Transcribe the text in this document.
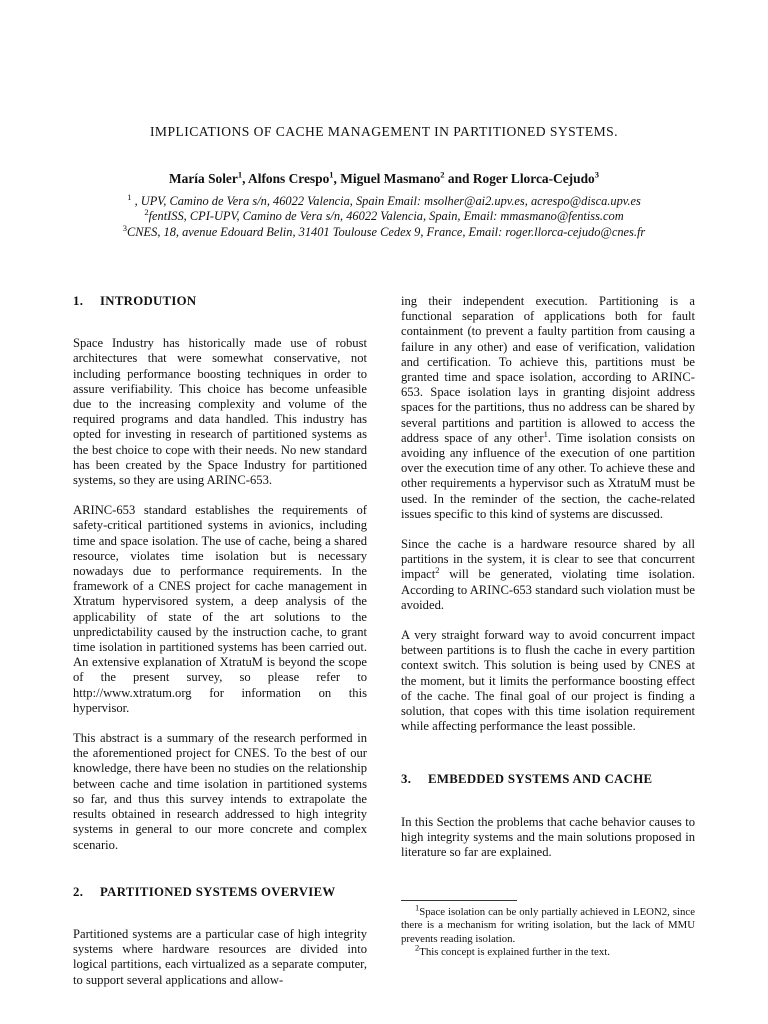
IMPLICATIONS OF CACHE MANAGEMENT IN PARTITIONED SYSTEMS.
María Soler$^1$, Alfons Crespo$^1$, Miguel Masmano$^2$ and Roger Llorca-Cejudo$^3$
$^1$ , UPV, Camino de Vera s/n, 46022 Valencia, Spain Email: msolher@ai2.upv.es, acrespo@disca.upv.es
$^2$fentISS, CPI-UPV, Camino de Vera s/n, 46022 Valencia, Spain, Email: mmasmano@fentiss.com
$^3$CNES, 18, avenue Edouard Belin, 31401 Toulouse Cedex 9, France, Email: roger.llorca-cejudo@cnes.fr
1. INTRODUTION

Space Industry has historically made use of robust architectures that were somewhat conservative, not including performance boosting techniques in order to assure verifiability. This choice has become unfeasible due to the increasing complexity and volume of the required programs and data handled. This industry has opted for investing in research of partitioned systems as the best choice to cope with their needs. No new standard has been created by the Space Industry for partitioned systems, so they are using ARINC-653.

ARINC-653 standard establishes the requirements of safety-critical partitioned systems in avionics, including time and space isolation. The use of cache, being a shared resource, violates time isolation but is necessary nowadays due to performance requirements. In the framework of a CNES project for cache management in Xtratum hypervisored system, a deep analysis of the applicability of state of the art solutions to the unpredictability caused by the instruction cache, to grant time isolation in partitioned systems has been carried out. An extensive explanation of XtratuM is beyond the scope of the present survey, so please refer to http://www.xtratum.org for information on this hypervisor.

This abstract is a summary of the research performed in the aforementioned project for CNES. To the best of our knowledge, there have been no studies on the relationship between cache and time isolation in partitioned systems so far, and thus this survey intends to extrapolate the results obtained in research addressed to high integrity systems in general to our more concrete and complex scenario.

2. PARTITIONED SYSTEMS OVERVIEW

Partitioned systems are a particular case of high integrity systems where hardware resources are divided into logical partitions, each virtualized as a separate computer, to support several applications and allow-

ing their independent execution. Partitioning is a functional separation of applications both for fault containment (to prevent a faulty partition from causing a failure in any other) and ease of verification, validation and certification. To achieve this, partitions must be granted time and space isolation, according to ARINC-653. Space isolation lays in granting disjoint address spaces for the partitions, thus no address can be shared by several partitions and partition is allowed to access the address space of any other$^1$. Time isolation consists on avoiding any influence of the execution of one partition over the execution time of any other. To achieve these and other requirements a hypervisor such as XtratuM must be used. In the reminder of the section, the cache-related issues specific to this kind of systems are discussed.

Since the cache is a hardware resource shared by all partitions in the system, it is clear to see that concurrent impact$^2$ will be generated, violating time isolation. According to ARINC-653 standard such violation must be avoided.

A very straight forward way to avoid concurrent impact between partitions is to flush the cache in every partition context switch. This solution is being used by CNES at the moment, but it limits the performance boosting effect of the cache. The final goal of our project is finding a solution, that copes with this time isolation requirement while affecting performance the least possible.

3. EMBEDDED SYSTEMS AND CACHE

In this Section the problems that cache behavior causes to high integrity systems and the main solutions proposed in literature so far are explained.

$^1$Space isolation can be only partially achieved in LEON2, since there is a mechanism for writing isolation, but the lack of MMU prevents reading isolation.
$^2$This concept is explained further in the text.
